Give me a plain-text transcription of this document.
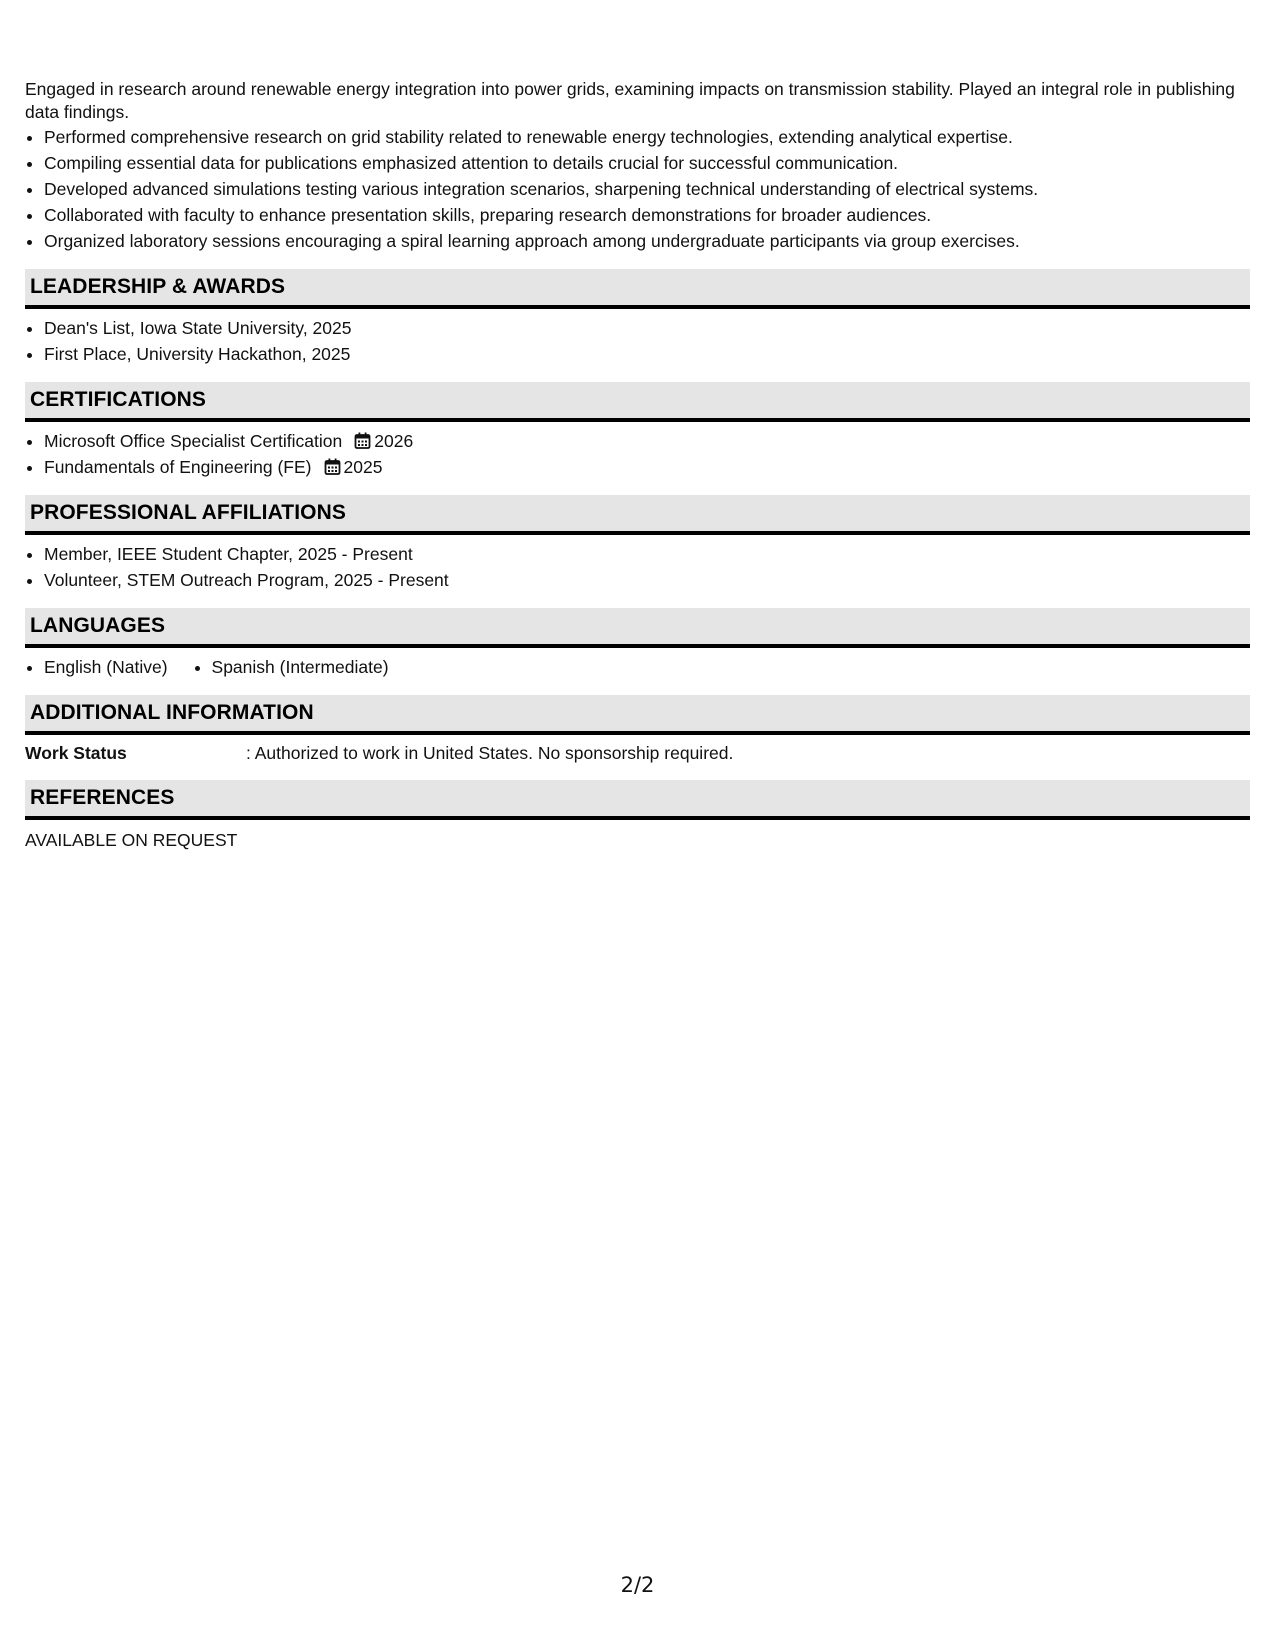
Engaged in research around renewable energy integration into power grids, examining impacts on transmission stability. Played an integral role in publishing data findings.

• Performed comprehensive research on grid stability related to renewable energy technologies, extending analytical expertise.
• Compiling essential data for publications emphasized attention to details crucial for successful communication.
• Developed advanced simulations testing various integration scenarios, sharpening technical understanding of electrical systems.
• Collaborated with faculty to enhance presentation skills, preparing research demonstrations for broader audiences.
• Organized laboratory sessions encouraging a spiral learning approach among undergraduate participants via group exercises.
LEADERSHIP & AWARDS
• Dean's List, Iowa State University, 2025
• First Place, University Hackathon, 2025
CERTIFICATIONS
• Microsoft Office Specialist Certification 2026
• Fundamentals of Engineering (FE) 2025
PROFESSIONAL AFFILIATIONS
• Member, IEEE Student Chapter, 2025 - Present
• Volunteer, STEM Outreach Program, 2025 - Present
LANGUAGES
• English (Native)
•	Spanish (Intermediate)
ADDITIONAL INFORMATION
Work Status	: Authorized to work in United States. No sponsorship required.
REFERENCES
AVAILABLE ON REQUEST
2/2
